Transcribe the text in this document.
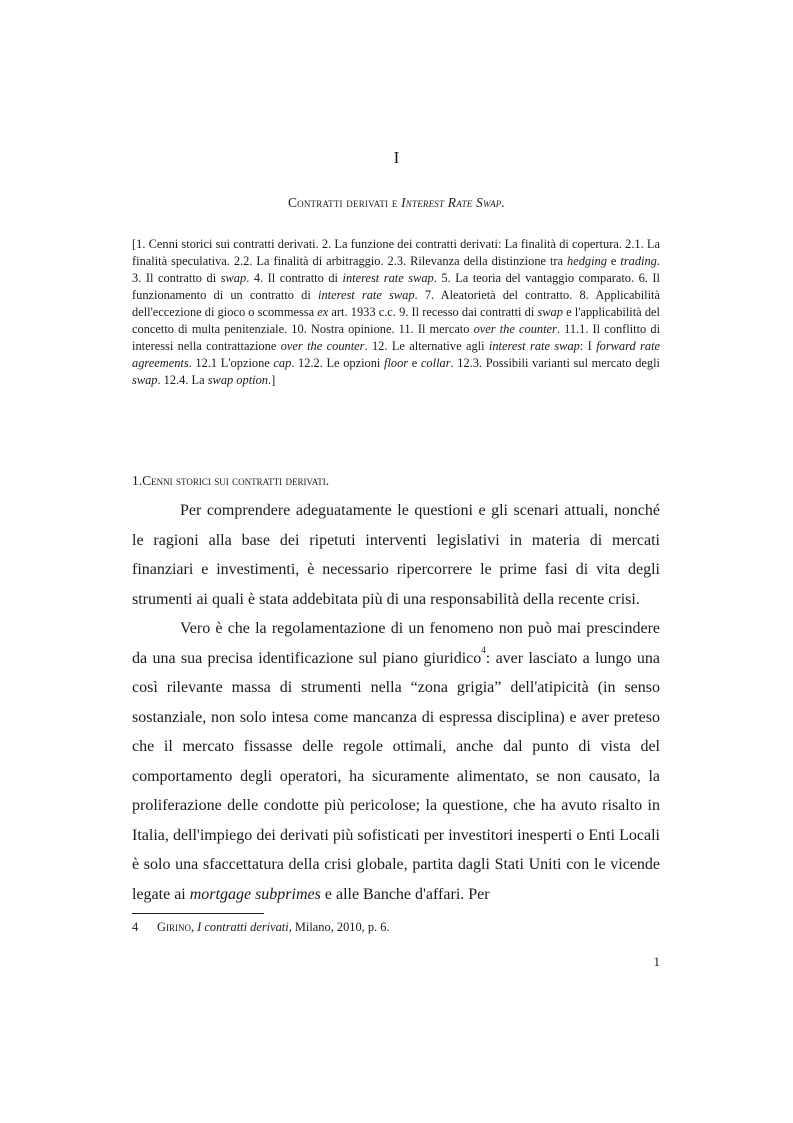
I
Contratti derivati e Interest Rate Swap.
[1. Cenni storici sui contratti derivati. 2. La funzione dei contratti derivati: La finalità di copertura. 2.1. La finalità speculativa. 2.2. La finalità di arbitraggio. 2.3. Rilevanza della distinzione tra hedging e trading. 3. Il contratto di swap. 4. Il contratto di interest rate swap. 5. La teoria del vantaggio comparato. 6. Il funzionamento di un contratto di interest rate swap. 7. Aleatorietà del contratto. 8. Applicabilità dell'eccezione di gioco o scommessa ex art. 1933 c.c. 9. Il recesso dai contratti di swap e l'applicabilità del concetto di multa penitenziale. 10. Nostra opinione. 11. Il mercato over the counter. 11.1. Il conflitto di interessi nella contrattazione over the counter. 12. Le alternative agli interest rate swap: I forward rate agreements. 12.1 L'opzione cap. 12.2. Le opzioni floor e collar. 12.3. Possibili varianti sul mercato degli swap. 12.4. La swap option.]
1.Cenni storici sui contratti derivati.

Per comprendere adeguatamente le questioni e gli scenari attuali, nonché le ragioni alla base dei ripetuti interventi legislativi in materia di mercati finanziari e investimenti, è necessario ripercorrere le prime fasi di vita degli strumenti ai quali è stata addebitata più di una responsabilità della recente crisi.

Vero è che la regolamentazione di un fenomeno non può mai prescindere da una sua precisa identificazione sul piano giuridico$^4$: aver lasciato a lungo una così rilevante massa di strumenti nella “zona grigia” dell'atipicità (in senso sostanziale, non solo intesa come mancanza di espressa disciplina) e aver preteso che il mercato fissasse delle regole ottimali, anche dal punto di vista del comportamento degli operatori, ha sicuramente alimentato, se non causato, la proliferazione delle condotte più pericolose; la questione, che ha avuto risalto in Italia, dell'impiego dei derivati più sofisticati per investitori inesperti o Enti Locali è solo una sfaccettatura della crisi globale, partita dagli Stati Uniti con le vicende legate ai mortgage subprimes e alle Banche d'affari. Per

4 Girino, I contratti derivati, Milano, 2010, p. 6.
1
